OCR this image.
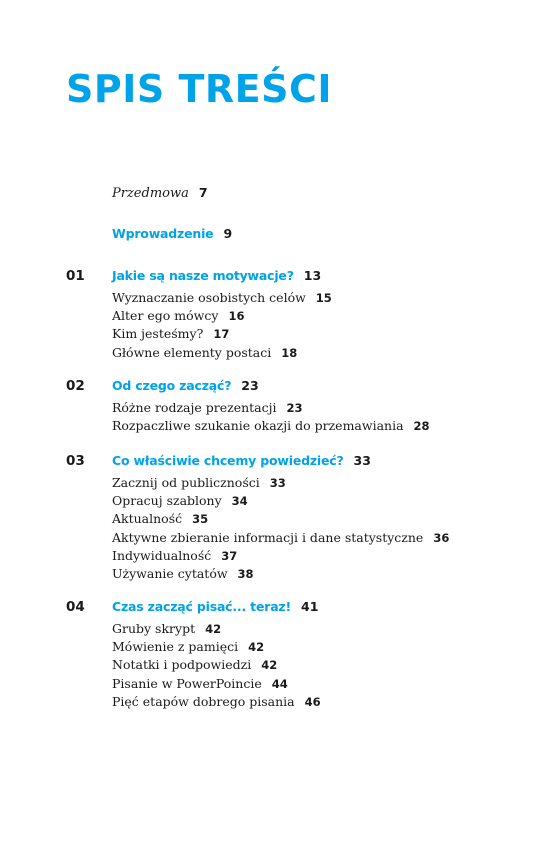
SPIS TREŚCI
Przedmowa 7
Wprowadzenie 9
01 Jakie są nasze motywacje? 13
Wyznaczanie osobistych celów 15
Alter ego mówcy 16
Kim jesteśmy? 17
Główne elementy postaci 18
02 Od czego zacząć? 23
Różne rodzaje prezentacji 23
Rozpaczliwe szukanie okazji do przemawiania 28
03 Co właściwie chcemy powiedzieć? 33
Zacznij od publiczności 33
Opracuj szablony 34
Aktualność 35
Aktywne zbieranie informacji i dane statystyczne 36
Indywidualność 37
Używanie cytatów 38
04 Czas zacząć pisać... teraz! 41
Gruby skrypt 42
Mówienie z pamięci 42
Notatki i podpowiedzi 42
Pisanie w PowerPoincie 44
Pięć etapów dobrego pisania 46
